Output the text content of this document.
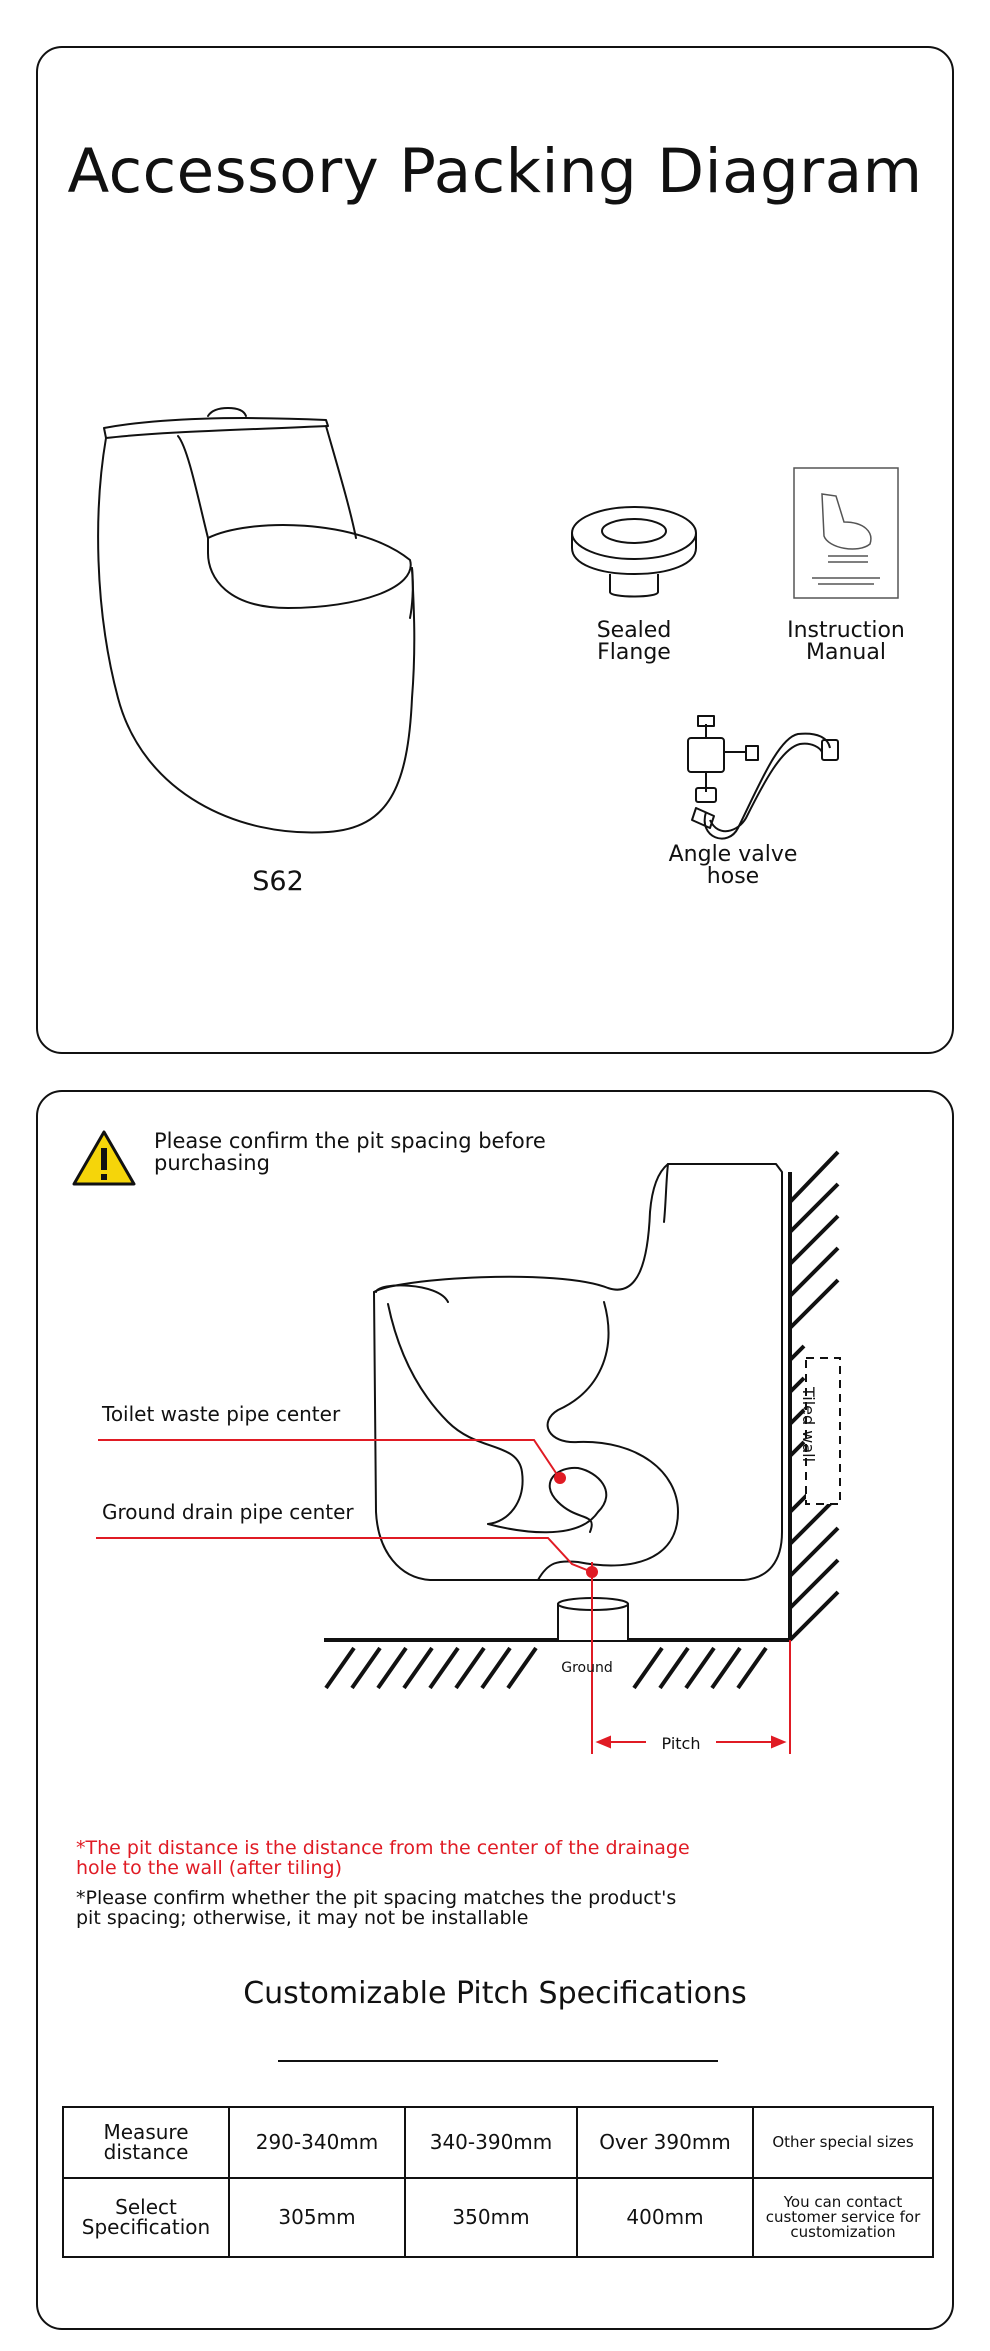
Accessory Packing Diagram
S62
Sealed Flange
Instruction Manual
Angle valve hose
Please confirm the pit spacing before purchasing
Toilet waste pipe center
Ground drain pipe center
Tiled wall
Ground
Pitch
*The pit distance is the distance from the center of the drainage hole to the wall (after tiling)
*Please confirm whether the pit spacing matches the product's pit spacing; otherwise, it may not be installable
Customizable Pitch Specifications
Measure distance	290-340mm	340-390mm	Over 390mm	Other special sizes
Select Specification	305mm	350mm	400mm	You can contact customer service for customization
